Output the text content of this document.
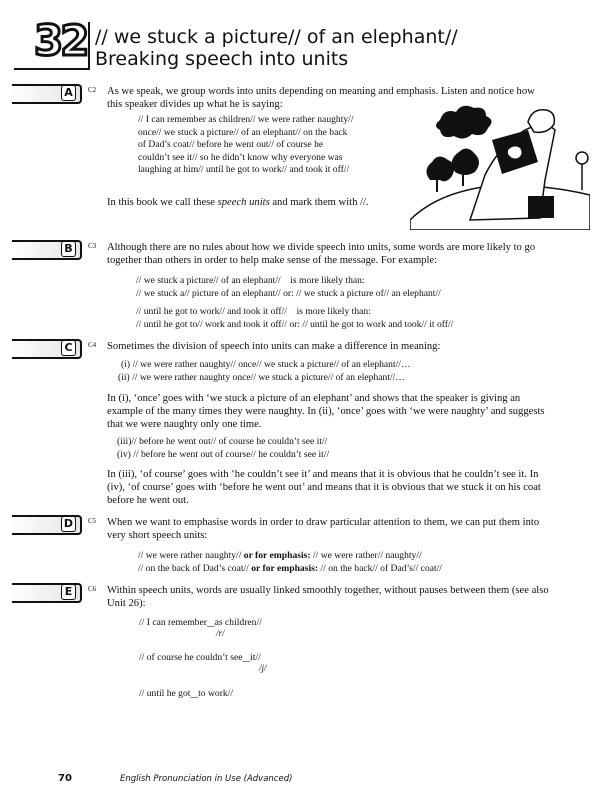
32 // we stuck a picture// of an elephant//
Breaking speech into units
A	C2 As we speak, we group words into units depending on meaning and emphasis. Listen and notice how this speaker divides up what he is saying:
// I can remember as children// we were rather naughty//
once// we stuck a picture// of an elephant// on the back
of Dad’s coat// before he went out// of course he
couldn’t see it// so he didn’t know why everyone was
laughing at him// until he got to work// and took it off//
In this book we call these speech units and mark them with //.
B	C3 Although there are no rules about how we divide speech into units, some words are more likely to go together than others in order to help make sense of the message. For example:
// we stuck a picture// of an elephant// is more likely than:
// we stuck a// picture of an elephant// or: // we stuck a picture of// an elephant//
// until he got to work// and took it off// is more likely than:
// until he got to// work and took it off// or: // until he got to work and took// it off//
C	C4 Sometimes the division of speech into units can make a difference in meaning:
(i) // we were rather naughty// once// we stuck a picture// of an elephant//…
(ii) // we were rather naughty once// we stuck a picture// of an elephant//…
In (i), ‘once’ goes with ‘we stuck a picture of an elephant’ and shows that the speaker is giving an example of the many times they were naughty. In (ii), ‘once’ goes with ‘we were naughty’ and suggests that we were naughty only one time.
(iii)// before he went out// of course he couldn’t see it//
(iv) // before he went out of course// he couldn’t see it//
In (iii), ‘of course’ goes with ‘he couldn’t see it’ and means that it is obvious that he couldn’t see it. In (iv), ‘of course’ goes with ‘before he went out’ and means that it is obvious that we stuck it on his coat before he went out.
D	C5 When we want to emphasise words in order to draw particular attention to them, we can put them into very short speech units:
// we were rather naughty// or for emphasis: // we were rather// naughty//
// on the back of Dad’s coat// or for emphasis: // on the back// of Dad’s// coat//
E	C6 Within speech units, words are usually linked smoothly together, without pauses between them (see also Unit 26):
// I can remember‿as children//
/r/
// of course he couldn’t see‿it//
/j/
// until he got‿to work//
70	English Pronunciation in Use (Advanced)
